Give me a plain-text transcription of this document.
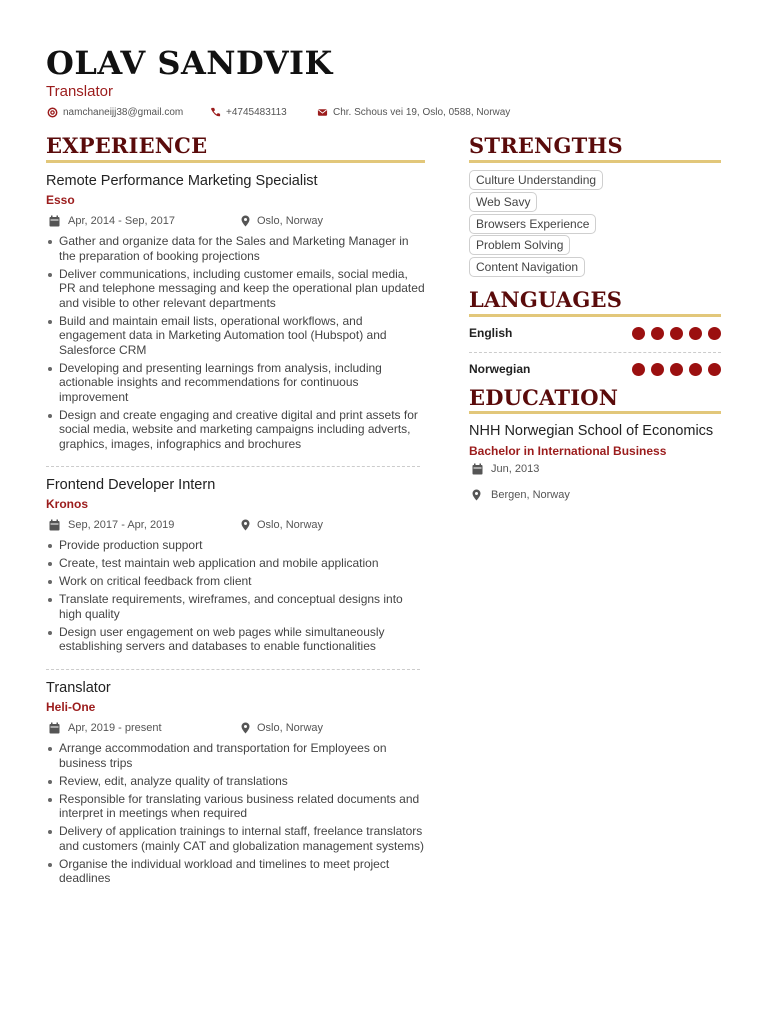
OLAV SANDVIK
Translator
namchaneijj38@gmail.com	+4745483113	Chr. Schous vei 19, Oslo, 0588, Norway
EXPERIENCE
Remote Performance Marketing Specialist
Esso
Apr, 2014 - Sep, 2017	Oslo, Norway
Gather and organize data for the Sales and Marketing Manager in the preparation of booking projections
Deliver communications, including customer emails, social media, PR and telephone messaging and keep the operational plan updated and visible to other relevant departments
Build and maintain email lists, operational workflows, and engagement data in Marketing Automation tool (Hubspot) and Salesforce CRM
Developing and presenting learnings from analysis, including actionable insights and recommendations for continuous improvement
Design and create engaging and creative digital and print assets for social media, website and marketing campaigns including adverts, graphics, images, infographics and brochures
Frontend Developer Intern
Kronos
Sep, 2017 - Apr, 2019	Oslo, Norway
Provide production support
Create, test maintain web application and mobile application
Work on critical feedback from client
Translate requirements, wireframes, and conceptual designs into high quality
Design user engagement on web pages while simultaneously establishing servers and databases to enable functionalities
Translator
Heli-One
Apr, 2019 - present	Oslo, Norway
Arrange accommodation and transportation for Employees on business trips
Review, edit, analyze quality of translations
Responsible for translating various business related documents and interpret in meetings when required
Delivery of application trainings to internal staff, freelance translators and customers (mainly CAT and globalization management systems)
Organise the individual workload and timelines to meet project deadlines
STRENGTHS
Culture Understanding
Web Savy
Browsers Experience
Problem Solving
Content Navigation
LANGUAGES
English
Norwegian
EDUCATION
NHH Norwegian School of Economics
Bachelor in International Business
Jun, 2013
Bergen, Norway
